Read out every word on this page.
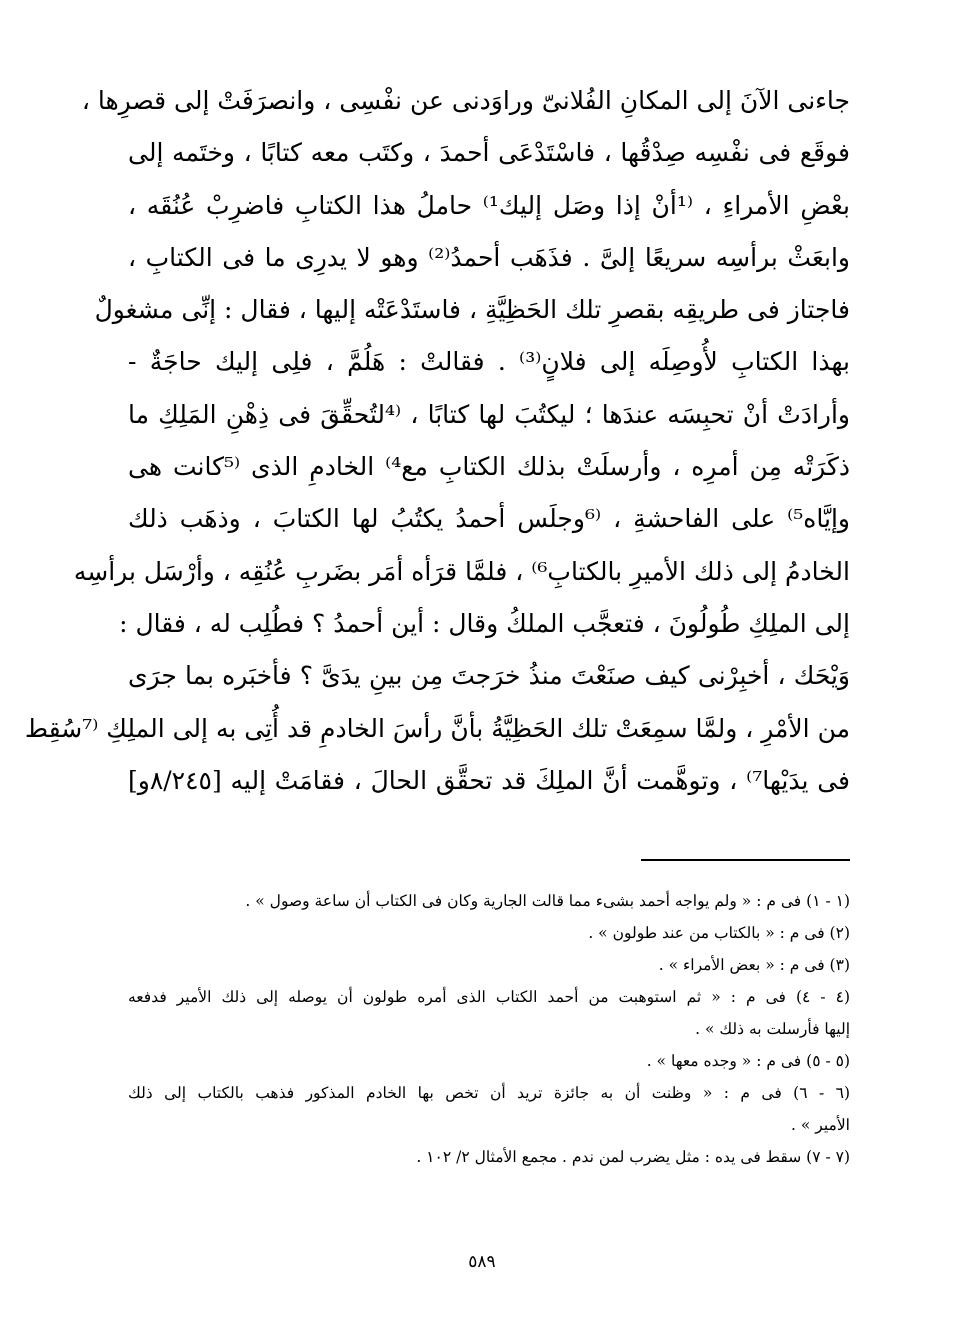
جاءنى الآنَ إلى المكانِ الفُلانىّ وراوَدنى عن نفْسِى ، وانصرَفَتْ إلى قصرِها ،
فوقَع فى نفْسِه صِدْقُها ، فاسْتَدْعَى أحمدَ ، وكتَب معه كتابًا ، وختَمه إلى
بعْضِ الأمراءِ ، ⁽¹أنْ إذا وصَل إليك¹⁾ حاملُ هذا الكتابِ فاضرِبْ عُنُقَه ،
وابعَثْ برأسِه سريعًا إلىَّ . فذَهَب أحمدُ⁽²⁾ وهو لا يدرِى ما فى الكتابِ ،
فاجتاز فى طريقِه بقصرِ تلك الحَظِيَّةِ ، فاستَدْعَتْه إليها ، فقال : إنِّى مشغولٌ
بهذا الكتابِ لأُوصِلَه إلى فلانٍ⁽³⁾ . فقالتْ : هَلُمَّ ، فلِى إليك حاجَةٌ -
وأرادَتْ أنْ تحبِسَه عندَها ؛ ليكتُبَ لها كتابًا ، ⁽⁴لتُحقِّقَ فى ذِهْنِ المَلِكِ ما
ذكَرَتْه مِن أمرِه ، وأرسلَتْ بذلك الكتابِ مع⁴⁾ الخادمِ الذى ⁽⁵كانت هى
وإيَّاه⁵⁾ على الفاحشةِ ، ⁽⁶وجلَس أحمدُ يكتُبُ لها الكتابَ ، وذهَب ذلك
الخادمُ إلى ذلك الأميرِ بالكتابِ⁶⁾ ، فلمَّا قرَأه أمَر بضَربِ عُنُقِه ، وأرْسَل برأسِه
إلى الملِكِ طُولُونَ ، فتعجَّب الملكُ وقال : أين أحمدُ ؟ فطُلِب له ، فقال :
وَيْحَك ، أخبِرْنى كيف صنَعْتَ منذُ خرَجتَ مِن بينِ يدَىَّ ؟ فأخبَره بما جرَى
من الأمْرِ ، ولمَّا سمِعَتْ تلك الحَظِيَّةُ بأنَّ رأسَ الخادمِ قد أُتِى به إلى الملِكِ ⁽⁷سُقِط
فى يدَيْها⁷⁾ ، وتوهَّمت أنَّ الملِكَ قد تحقَّق الحالَ ، فقامَتْ إليه [٨/٢٤٥و]
(١ - ١) فى م : « ولم يواجه أحمد بشىء مما قالت الجارية وكان فى الكتاب أن ساعة وصول » .
(٢) فى م : « بالكتاب من عند طولون » .
(٣) فى م : « بعض الأمراء » .
(٤ - ٤) فى م : « ثم استوهبت من أحمد الكتاب الذى أمره طولون أن يوصله إلى ذلك الأمير فدفعه
إليها فأرسلت به ذلك » .
(٥ - ٥) فى م : « وجده معها » .
(٦ - ٦) فى م : « وظنت أن به جائزة تريد أن تخص بها الخادم المذكور فذهب بالكتاب إلى ذلك
الأمير » .
(٧ - ٧) سقط فى يده : مثل يضرب لمن ندم . مجمع الأمثال ٢/ ١٠٢ .
٥٨٩
